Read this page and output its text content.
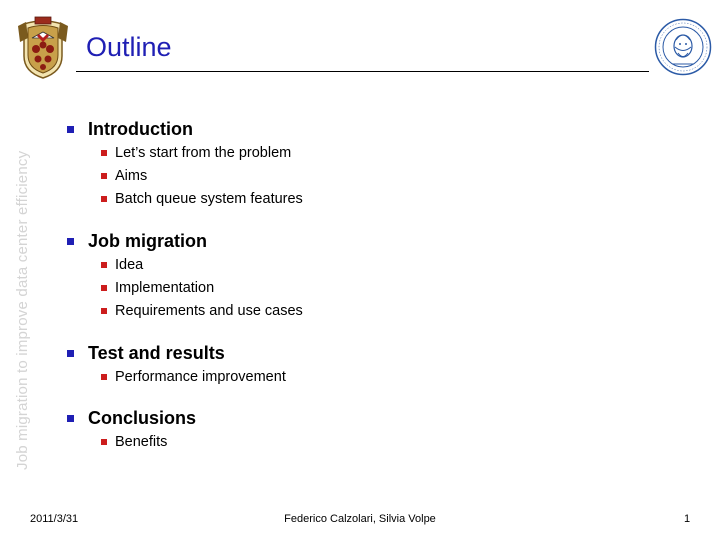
Outline
Job migration to improve data center efficiency
Introduction
Let’s start from the problem
Aims
Batch queue system features
Job migration
Idea
Implementation
Requirements and use cases
Test and results
Performance improvement
Conclusions
Benefits
2011/3/31	Federico Calzolari, Silvia Volpe	1
